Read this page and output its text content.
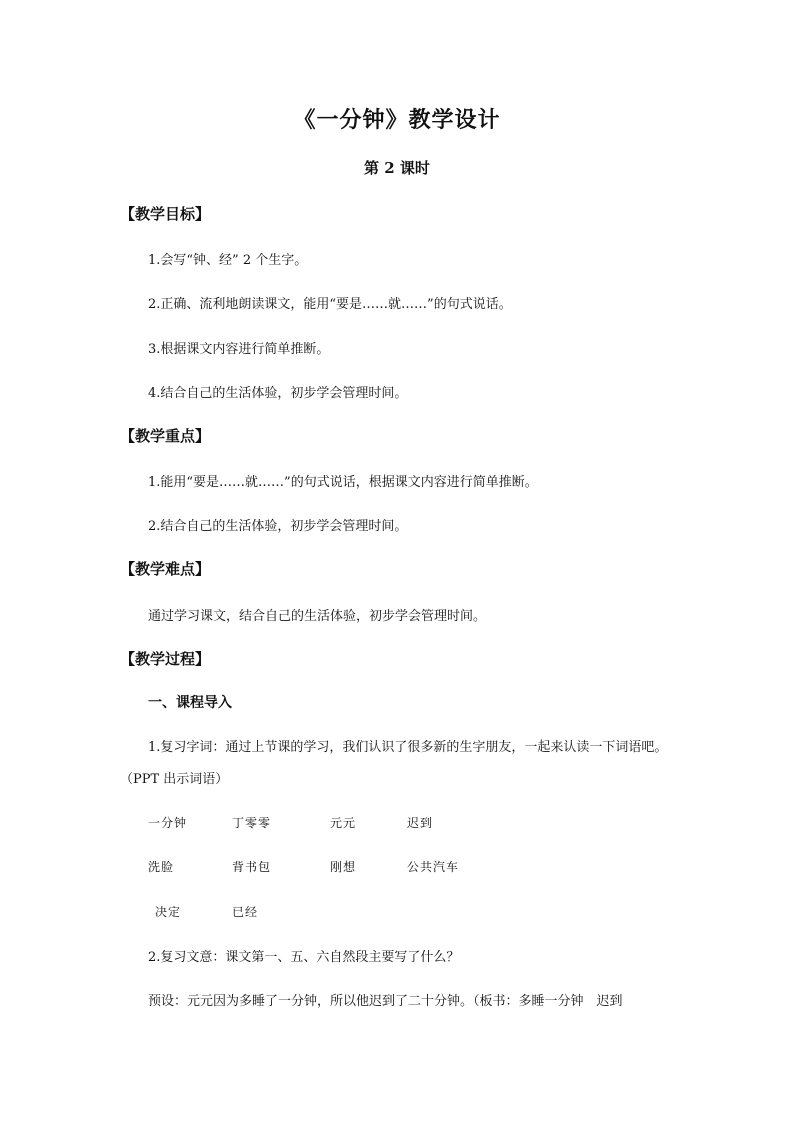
《一分钟》教学设计
第 2 课时
【教学目标】
1.会写“钟、经” 2 个生字。
2.正确、流利地朗读课文，能用“要是……就……”的句式说话。
3.根据课文内容进行简单推断。
4.结合自己的生活体验，初步学会管理时间。
【教学重点】
1.能用“要是……就……”的句式说话，根据课文内容进行简单推断。
2.结合自己的生活体验，初步学会管理时间。
【教学难点】
通过学习课文，结合自己的生活体验，初步学会管理时间。
【教学过程】
一、课程导入
1.复习字词：通过上节课的学习，我们认识了很多新的生字朋友，一起来认读一下词语吧。（PPT 出示词语）
一分钟	丁零零	元元	迟到
洗脸	背书包	刚想	公共汽车
决定	已经
2.复习文意：课文第一、五、六自然段主要写了什么？
预设：元元因为多睡了一分钟，所以他迟到了二十分钟。（板书：多睡一分钟　迟到
